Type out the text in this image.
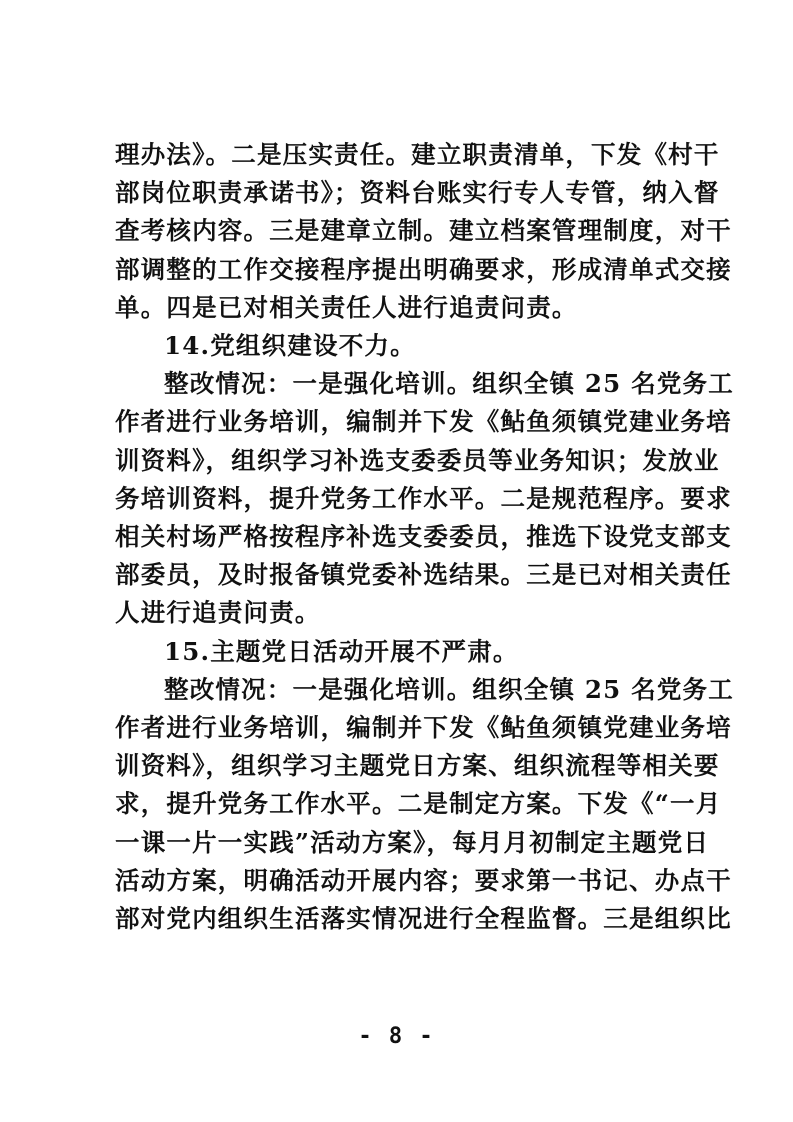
理办法》。二是压实责任。建立职责清单，下发《村干
部岗位职责承诺书》；资料台账实行专人专管，纳入督
查考核内容。三是建章立制。建立档案管理制度，对干
部调整的工作交接程序提出明确要求，形成清单式交接
单。四是已对相关责任人进行追责问责。

14.党组织建设不力。

整改情况：一是强化培训。组织全镇 25 名党务工
作者进行业务培训，编制并下发《鲇鱼须镇党建业务培
训资料》，组织学习补选支委委员等业务知识；发放业
务培训资料，提升党务工作水平。二是规范程序。要求
相关村场严格按程序补选支委委员，推选下设党支部支
部委员，及时报备镇党委补选结果。三是已对相关责任
人进行追责问责。

15.主题党日活动开展不严肃。

整改情况：一是强化培训。组织全镇 25 名党务工
作者进行业务培训，编制并下发《鲇鱼须镇党建业务培
训资料》，组织学习主题党日方案、组织流程等相关要
求，提升党务工作水平。二是制定方案。下发《“一月
一课一片一实践”活动方案》，每月月初制定主题党日
活动方案，明确活动开展内容；要求第一书记、办点干
部对党内组织生活落实情况进行全程监督。三是组织比

- 8 -
